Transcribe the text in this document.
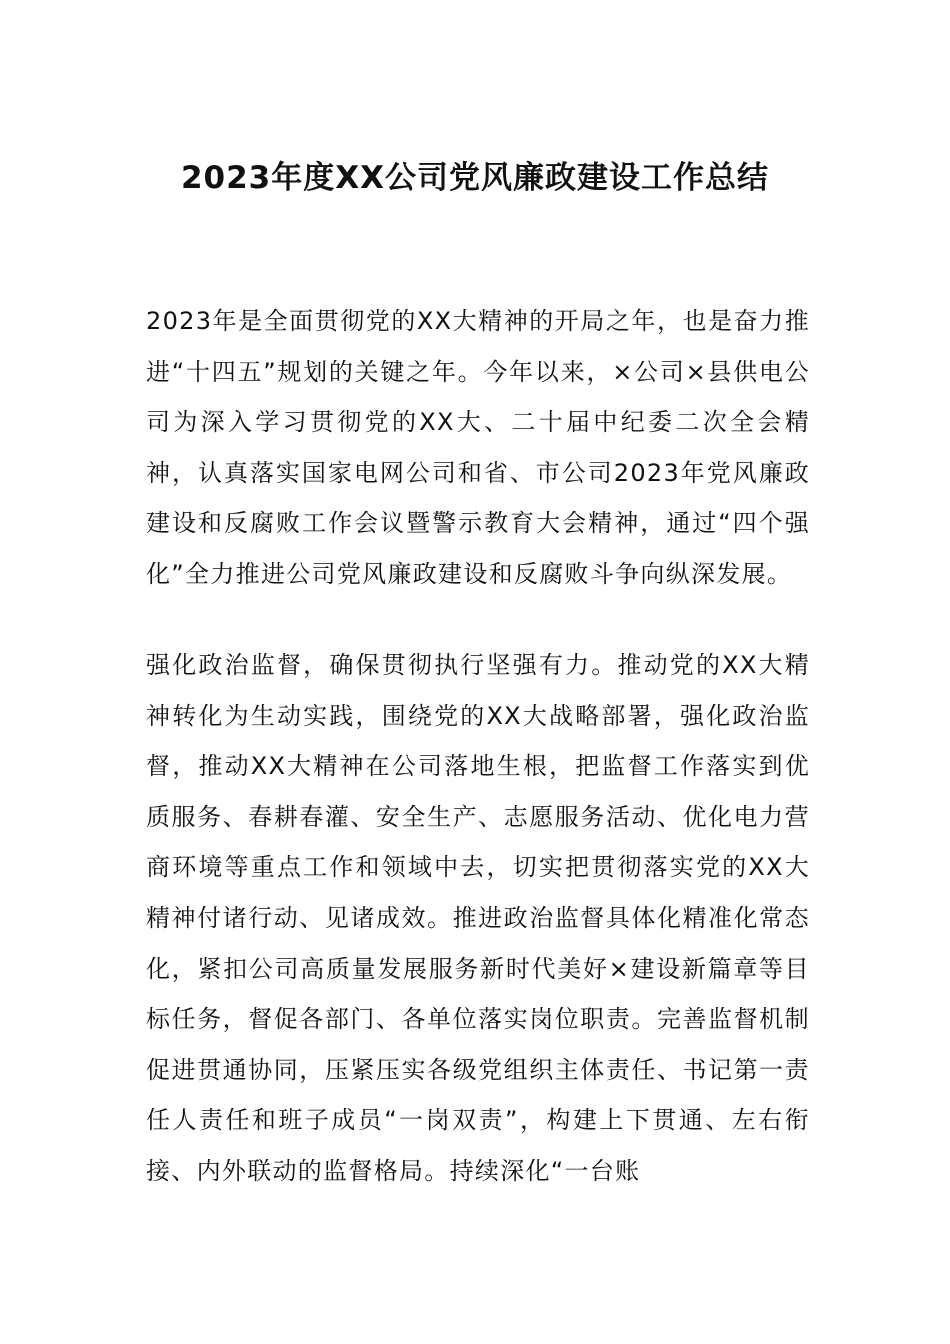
2023年度XX公司党风廉政建设工作总结

2023年是全面贯彻党的XX大精神的开局之年，也是奋力推进“十四五”规划的关键之年。今年以来，×公司×县供电公司为深入学习贯彻党的XX大、二十届中纪委二次全会精神，认真落实国家电网公司和省、市公司2023年党风廉政建设和反腐败工作会议暨警示教育大会精神，通过“四个强化”全力推进公司党风廉政建设和反腐败斗争向纵深发展。

强化政治监督，确保贯彻执行坚强有力。推动党的XX大精神转化为生动实践，围绕党的XX大战略部署，强化政治监督，推动XX大精神在公司落地生根，把监督工作落实到优质服务、春耕春灌、安全生产、志愿服务活动、优化电力营商环境等重点工作和领域中去，切实把贯彻落实党的XX大精神付诸行动、见诸成效。推进政治监督具体化精准化常态化，紧扣公司高质量发展服务新时代美好×建设新篇章等目标任务，督促各部门、各单位落实岗位职责。完善监督机制促进贯通协同，压紧压实各级党组织主体责任、书记第一责任人责任和班子成员“一岗双责”，构建上下贯通、左右衔接、内外联动的监督格局。持续深化“一台账
